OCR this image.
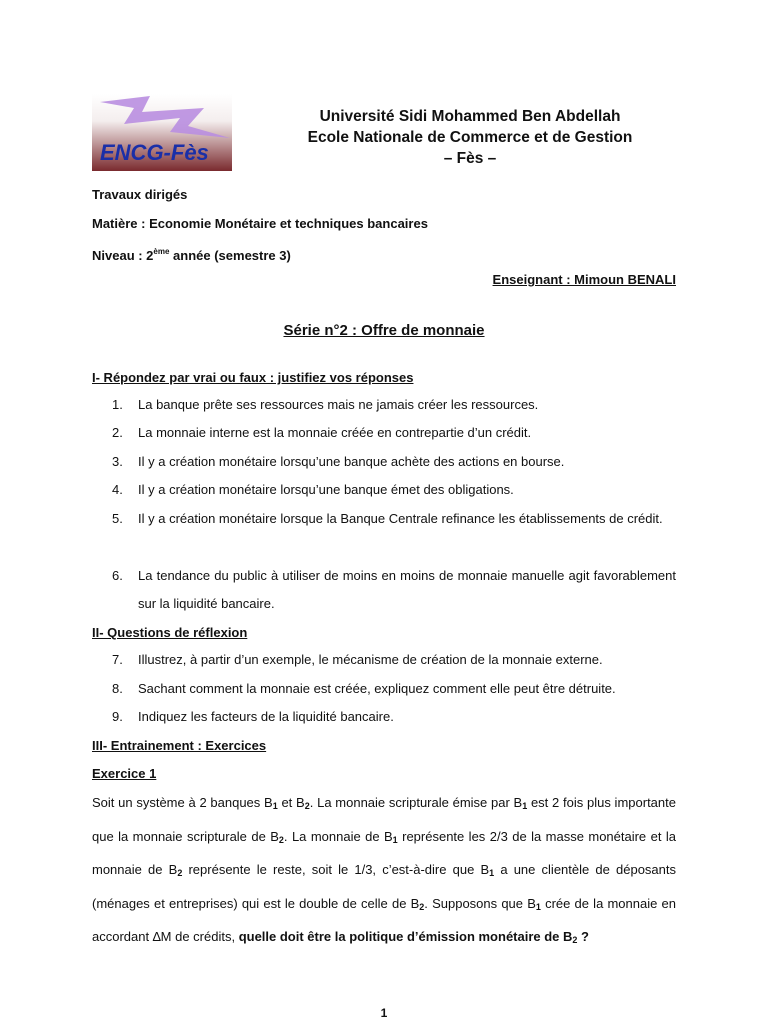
ENCG-Fès
Université Sidi Mohammed Ben Abdellah
Ecole Nationale de Commerce et de Gestion
– Fès –
Travaux dirigés
Matière : Economie Monétaire et techniques bancaires
Niveau : 2ème année (semestre 3)
Enseignant : Mimoun BENALI
Série n°2 : Offre de monnaie
I- Répondez par vrai ou faux : justifiez vos réponses
1.	La banque prête ses ressources mais ne jamais créer les ressources.
2.	La monnaie interne est la monnaie créée en contrepartie d’un crédit.
3.	Il y a création monétaire lorsqu’une banque achète des actions en bourse.
4.	Il y a création monétaire lorsqu’une banque émet des obligations.
5.	Il y a création monétaire lorsque la Banque Centrale refinance les établissements de crédit.
6.	La tendance du public à utiliser de moins en moins de monnaie manuelle agit favorablement sur la liquidité bancaire.
II- Questions de réflexion
7.	Illustrez, à partir d’un exemple, le mécanisme de création de la monnaie externe.
8.	Sachant comment la monnaie est créée, expliquez comment elle peut être détruite.
9.	Indiquez les facteurs de la liquidité bancaire.
III- Entrainement : Exercices
Exercice 1
Soit un système à 2 banques $B_1$ et $B_2$. La monnaie scripturale émise par $B_1$ est 2 fois plus importante que la monnaie scripturale de $B_2$. La monnaie de $B_1$ représente les 2/3 de la masse monétaire et la monnaie de $B_2$ représente le reste, soit le 1/3, c’est-à-dire que $B_1$ a une clientèle de déposants (ménages et entreprises) qui est le double de celle de $B_2$. Supposons que $B_1$ crée de la monnaie en accordant ∆M de crédits, quelle doit être la politique d’émission monétaire de $B_2$ ?
1
